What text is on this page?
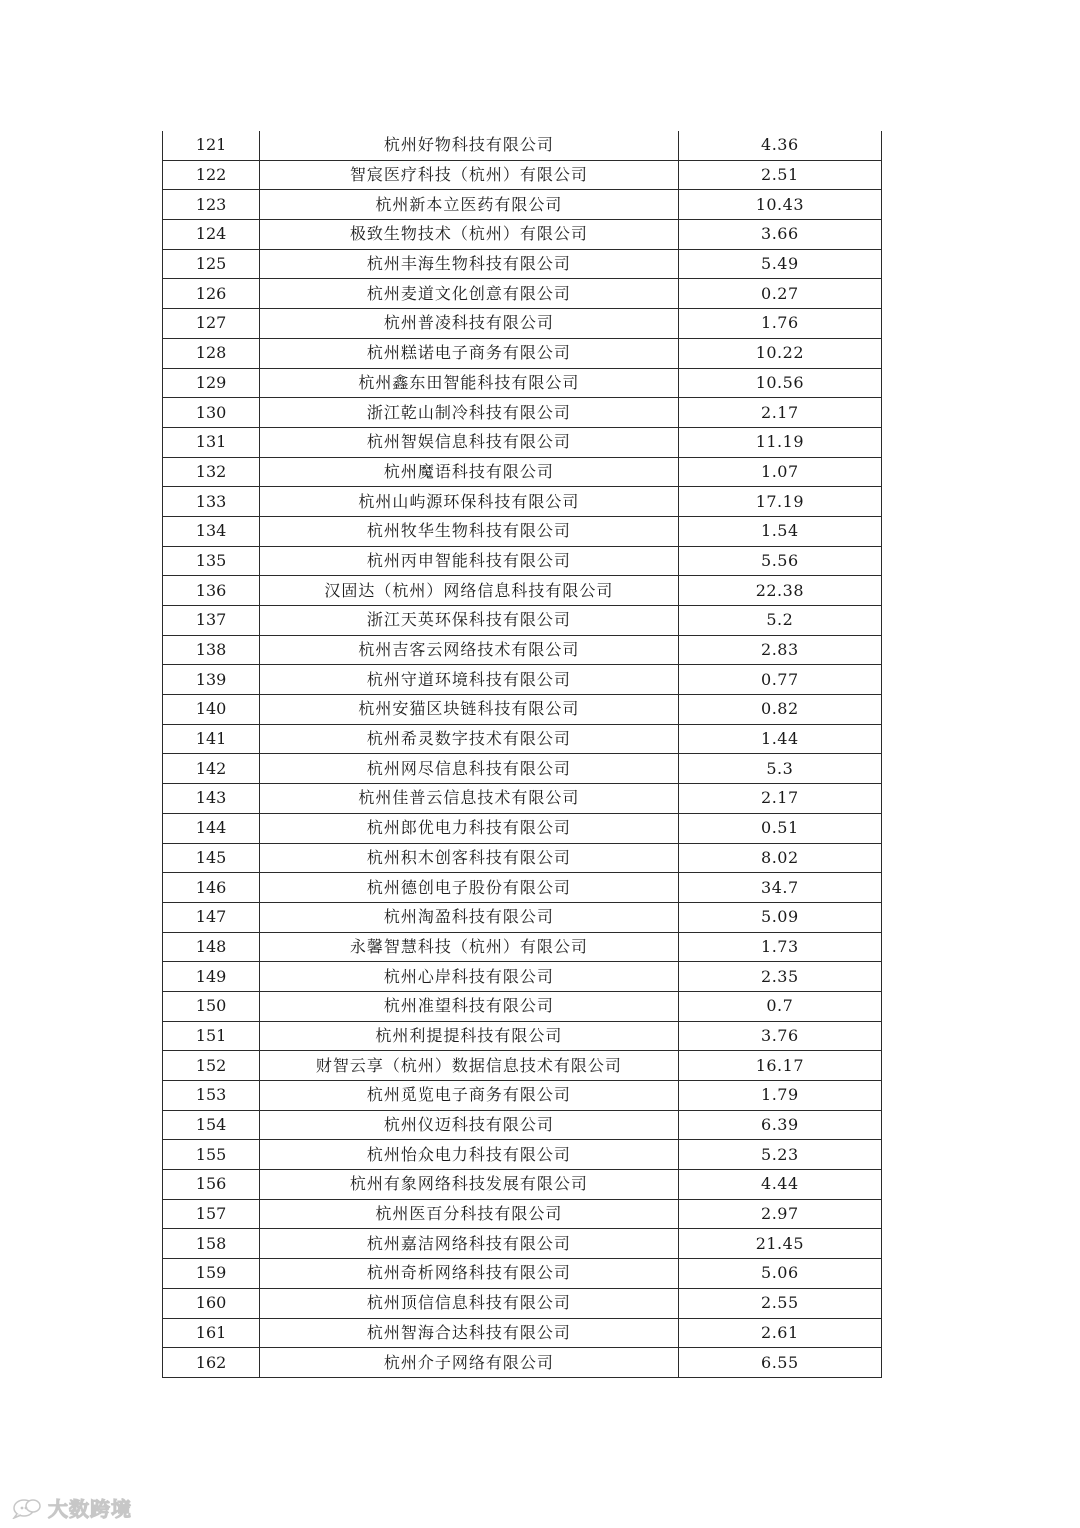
121	杭州好物科技有限公司	4.36
122	智宸医疗科技（杭州）有限公司	2.51
123	杭州新本立医药有限公司	10.43
124	极致生物技术（杭州）有限公司	3.66
125	杭州丰海生物科技有限公司	5.49
126	杭州麦道文化创意有限公司	0.27
127	杭州普凌科技有限公司	1.76
128	杭州糕诺电子商务有限公司	10.22
129	杭州鑫东田智能科技有限公司	10.56
130	浙江乾山制冷科技有限公司	2.17
131	杭州智娱信息科技有限公司	11.19
132	杭州魔语科技有限公司	1.07
133	杭州山屿源环保科技有限公司	17.19
134	杭州牧华生物科技有限公司	1.54
135	杭州丙申智能科技有限公司	5.56
136	汉固达（杭州）网络信息科技有限公司	22.38
137	浙江天英环保科技有限公司	5.2
138	杭州吉客云网络技术有限公司	2.83
139	杭州守道环境科技有限公司	0.77
140	杭州安猫区块链科技有限公司	0.82
141	杭州希灵数字技术有限公司	1.44
142	杭州网尽信息科技有限公司	5.3
143	杭州佳普云信息技术有限公司	2.17
144	杭州郎优电力科技有限公司	0.51
145	杭州积木创客科技有限公司	8.02
146	杭州德创电子股份有限公司	34.7
147	杭州淘盈科技有限公司	5.09
148	永馨智慧科技（杭州）有限公司	1.73
149	杭州心岸科技有限公司	2.35
150	杭州准望科技有限公司	0.7
151	杭州利提提科技有限公司	3.76
152	财智云享（杭州）数据信息技术有限公司	16.17
153	杭州觅览电子商务有限公司	1.79
154	杭州仪迈科技有限公司	6.39
155	杭州怡众电力科技有限公司	5.23
156	杭州有象网络科技发展有限公司	4.44
157	杭州医百分科技有限公司	2.97
158	杭州嘉洁网络科技有限公司	21.45
159	杭州奇析网络科技有限公司	5.06
160	杭州顶信信息科技有限公司	2.55
161	杭州智海合达科技有限公司	2.61
162	杭州介子网络有限公司	6.55
大数跨境
